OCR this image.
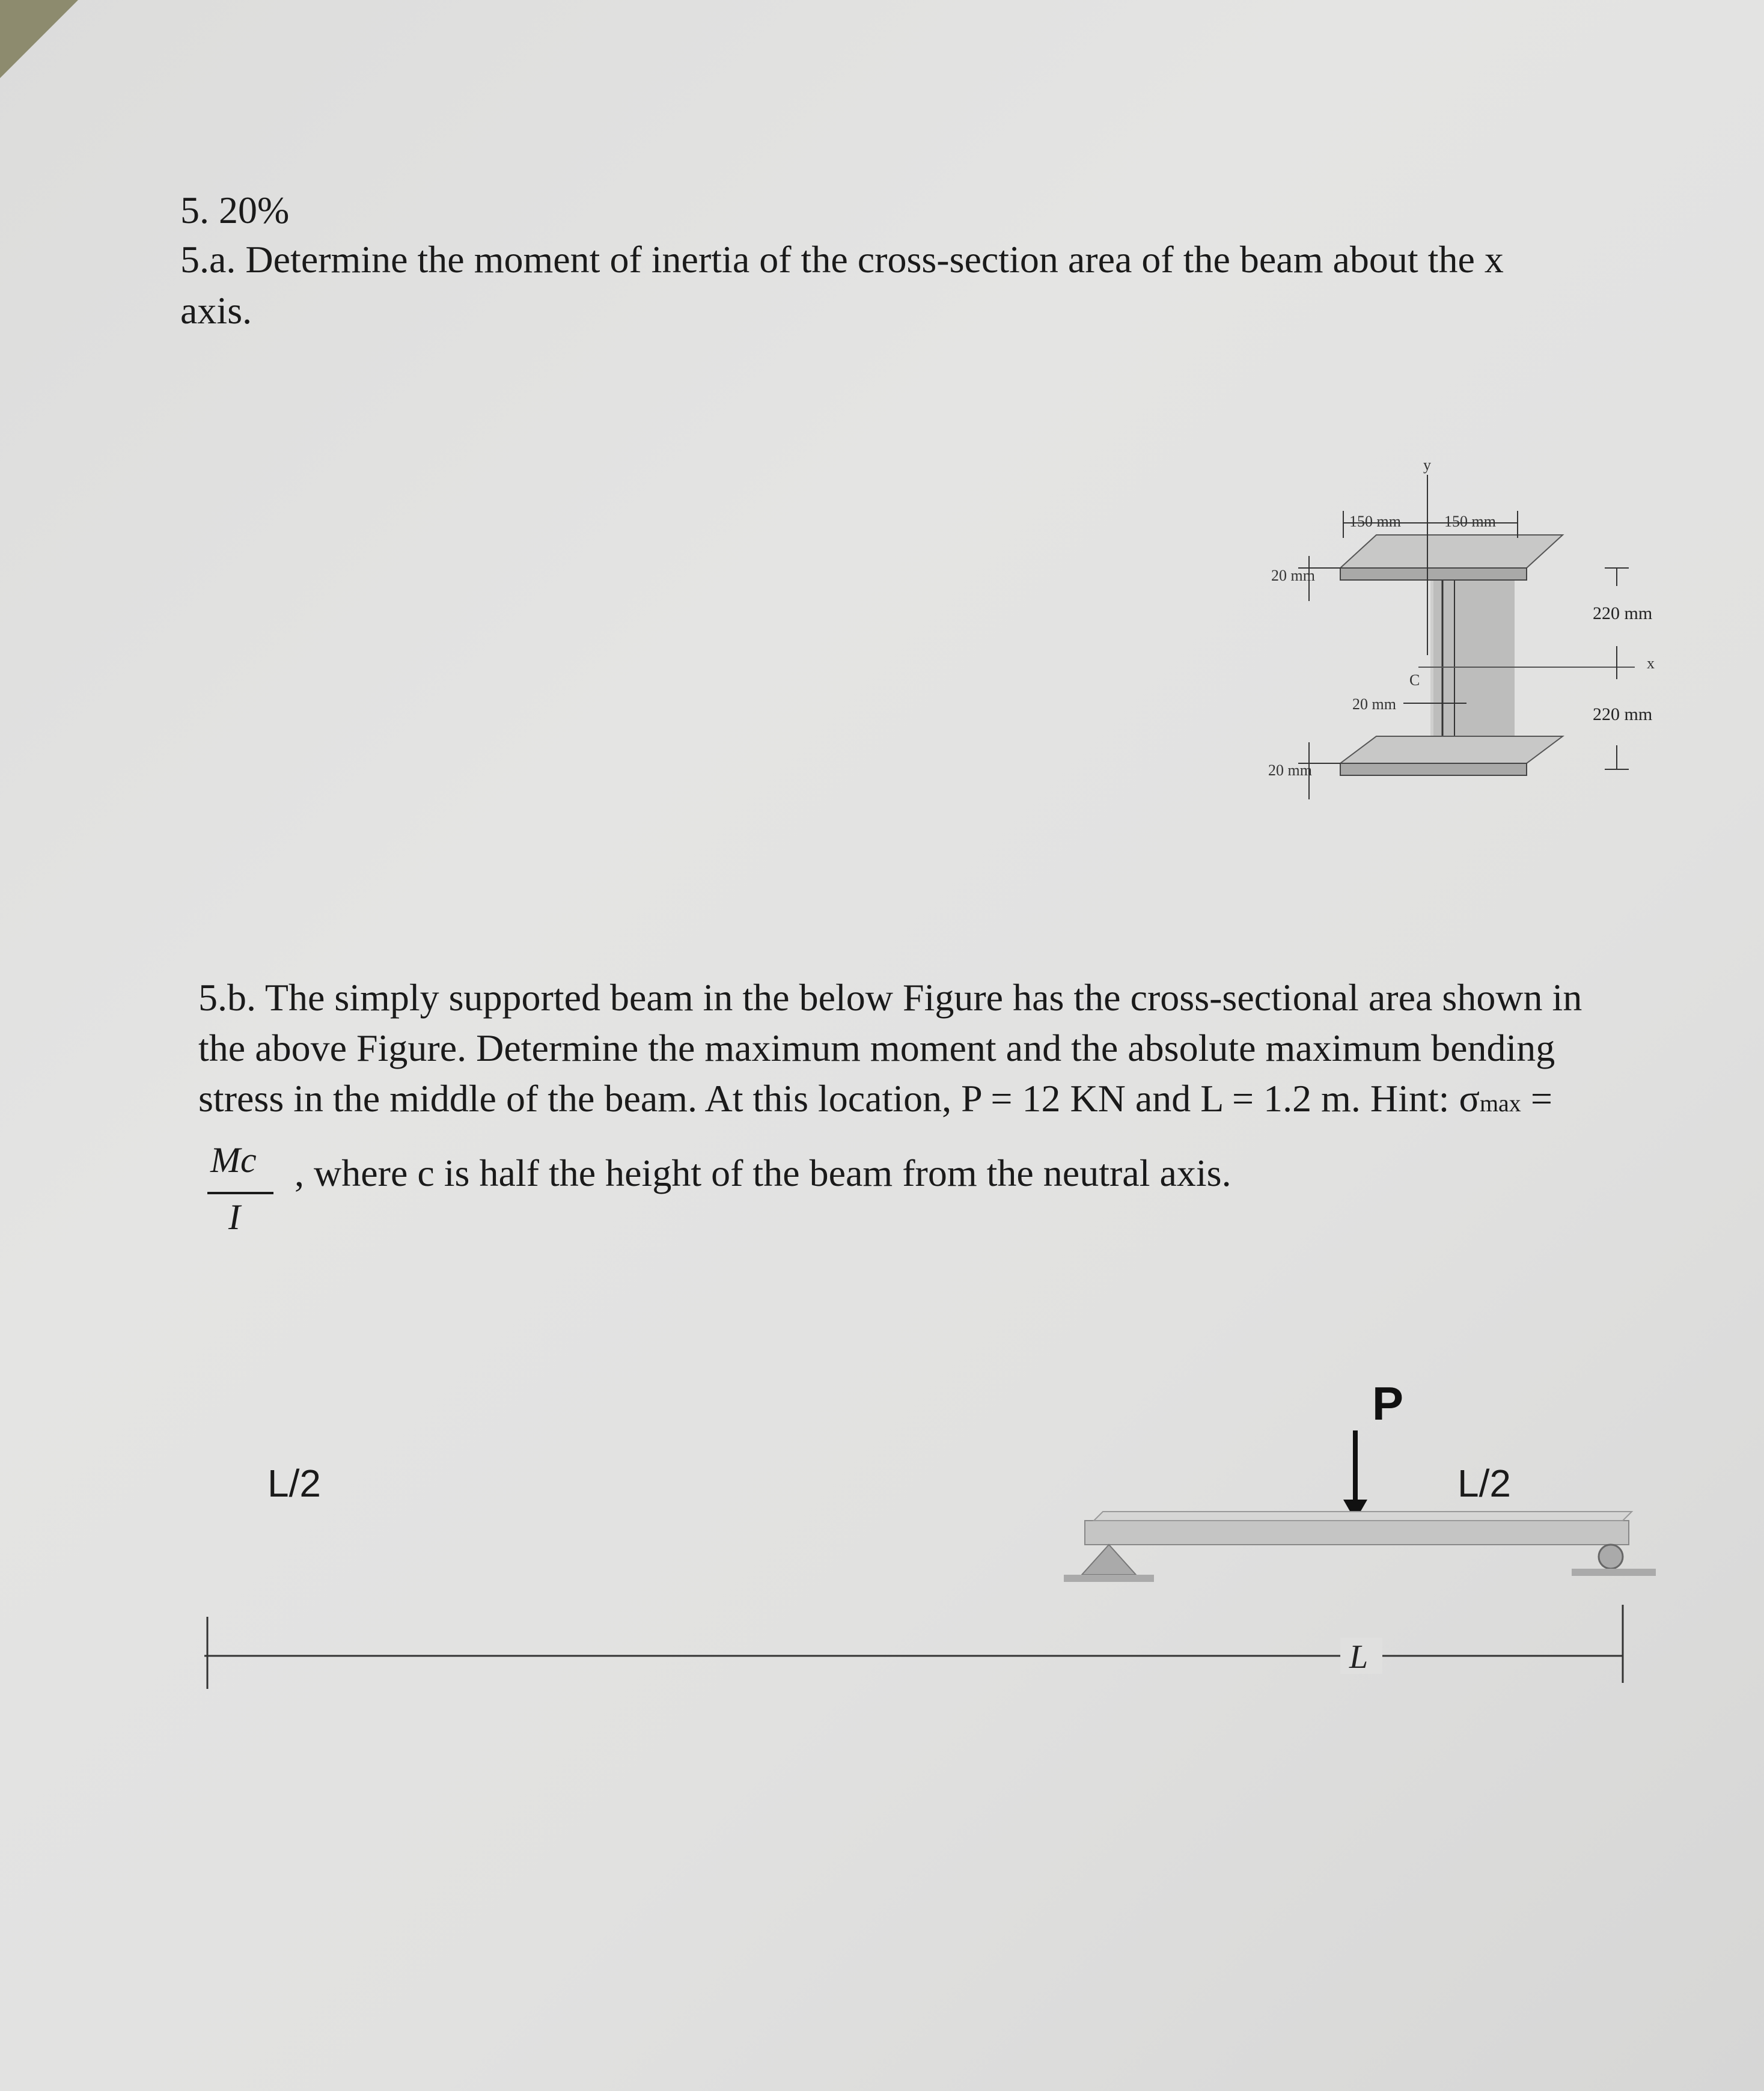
5. 20%
5.a. Determine the moment of inertia of the cross-section area of the beam about the x
axis.
5.b. The simply supported beam in the below Figure has the cross-sectional area shown in
the above Figure. Determine the maximum moment and the absolute maximum bending
stress in the middle of the beam. At this location, P = 12 KN and L = 1.2 m. Hint: σmax =
Mc
I
, where c is half the height of the beam from the neutral axis.
y
150 mm	150 mm
20 mm
20 mm
20 mm
C
x
220 mm
220 mm
P
L/2	L/2
L
